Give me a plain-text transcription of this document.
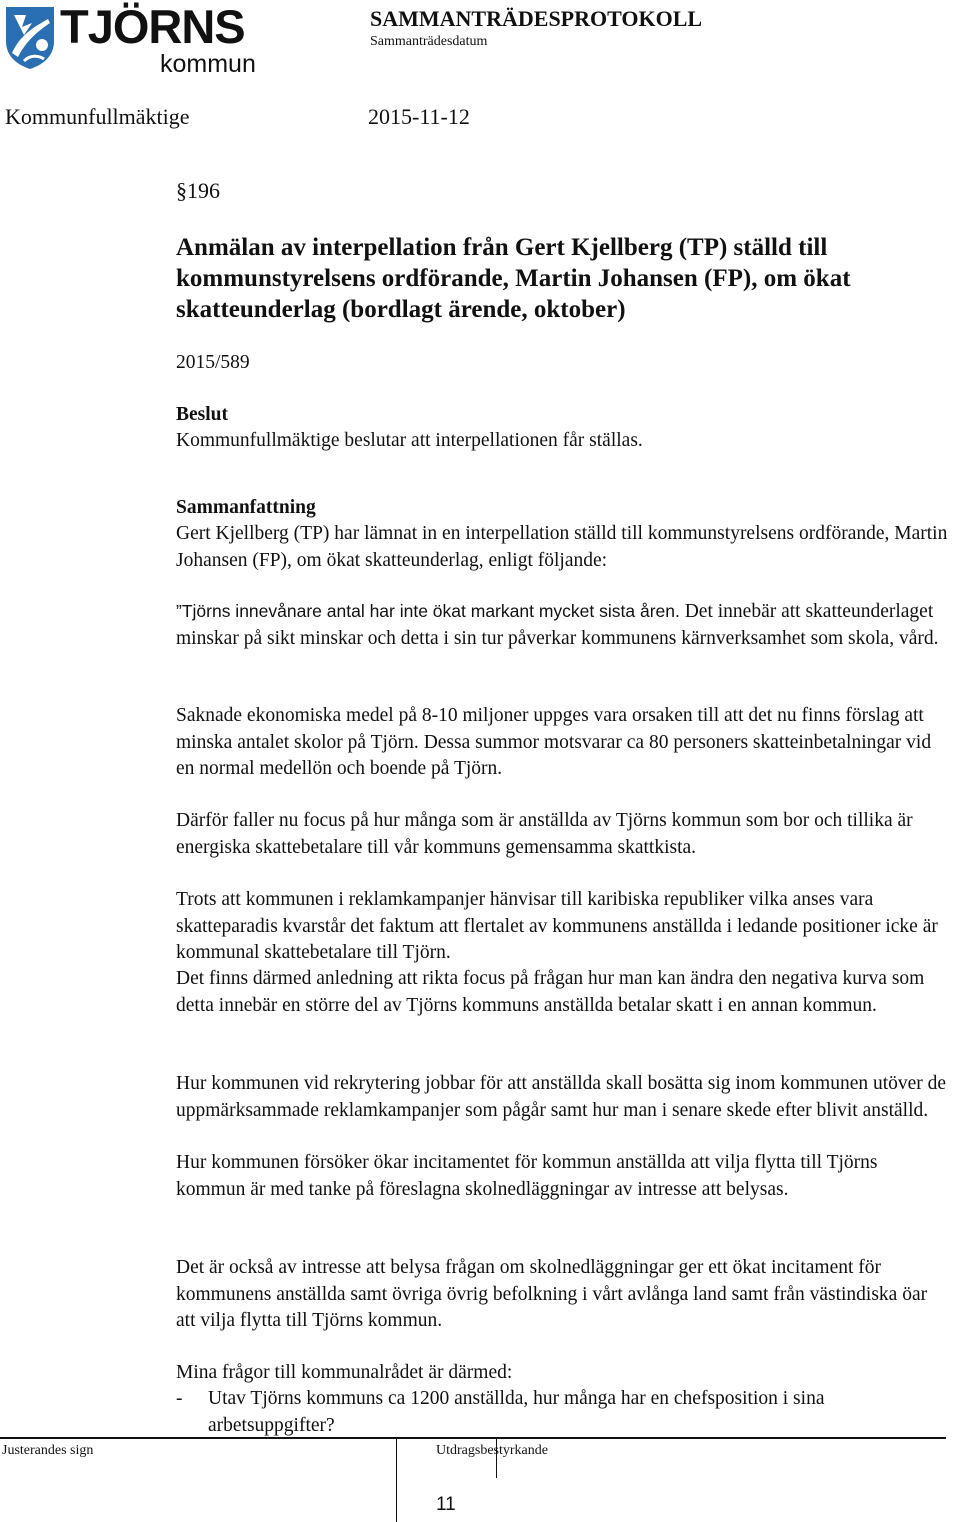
TJÖRNS
kommun
SAMMANTRÄDESPROTOKOLL
Sammanträdesdatum
Kommunfullmäktige	2015-11-12

§196

Anmälan av interpellation från Gert Kjellberg (TP) ställd till kommunstyrelsens ordförande, Martin Johansen (FP), om ökat skatteunderlag (bordlagt ärende, oktober)

2015/589

Beslut

Kommunfullmäktige beslutar att interpellationen får ställas.

Sammanfattning

Gert Kjellberg (TP) har lämnat in en interpellation ställd till kommunstyrelsens ordförande, Martin Johansen (FP), om ökat skatteunderlag, enligt följande:

”Tjörns innevånare antal har inte ökat markant mycket sista åren. Det innebär att skatteunderlaget minskar på sikt minskar och detta i sin tur påverkar kommunens kärnverksamhet som skola, vård.

Saknade ekonomiska medel på 8-10 miljoner uppges vara orsaken till att det nu finns förslag att minska antalet skolor på Tjörn. Dessa summor motsvarar ca 80 personers skatteinbetalningar vid en normal medellön och boende på Tjörn.

Därför faller nu focus på hur många som är anställda av Tjörns kommun som bor och tillika är energiska skattebetalare till vår kommuns gemensamma skattkista.

Trots att kommunen i reklamkampanjer hänvisar till karibiska republiker vilka anses vara skatteparadis kvarstår det faktum att flertalet av kommunens anställda i ledande positioner icke är kommunal skattebetalare till Tjörn.

Det finns därmed anledning att rikta focus på frågan hur man kan ändra den negativa kurva som detta innebär en större del av Tjörns kommuns anställda betalar skatt i en annan kommun.

Hur kommunen vid rekrytering jobbar för att anställda skall bosätta sig inom kommunen utöver de uppmärksammade reklamkampanjer som pågår samt hur man i senare skede efter blivit anställd.

Hur kommunen försöker ökar incitamentet för kommun anställda att vilja flytta till Tjörns kommun är med tanke på föreslagna skolnedläggningar av intresse att belysas.

Det är också av intresse att belysa frågan om skolnedläggningar ger ett ökat incitament för kommunens anställda samt övriga övrig befolkning i vårt avlånga land samt från västindiska öar att vilja flytta till Tjörns kommun.

Mina frågor till kommunalrådet är därmed:

- Utav Tjörns kommuns ca 1200 anställda, hur många har en chefsposition i sina arbetsuppgifter?

Justerandes sign	Utdragsbestyrkande
11
